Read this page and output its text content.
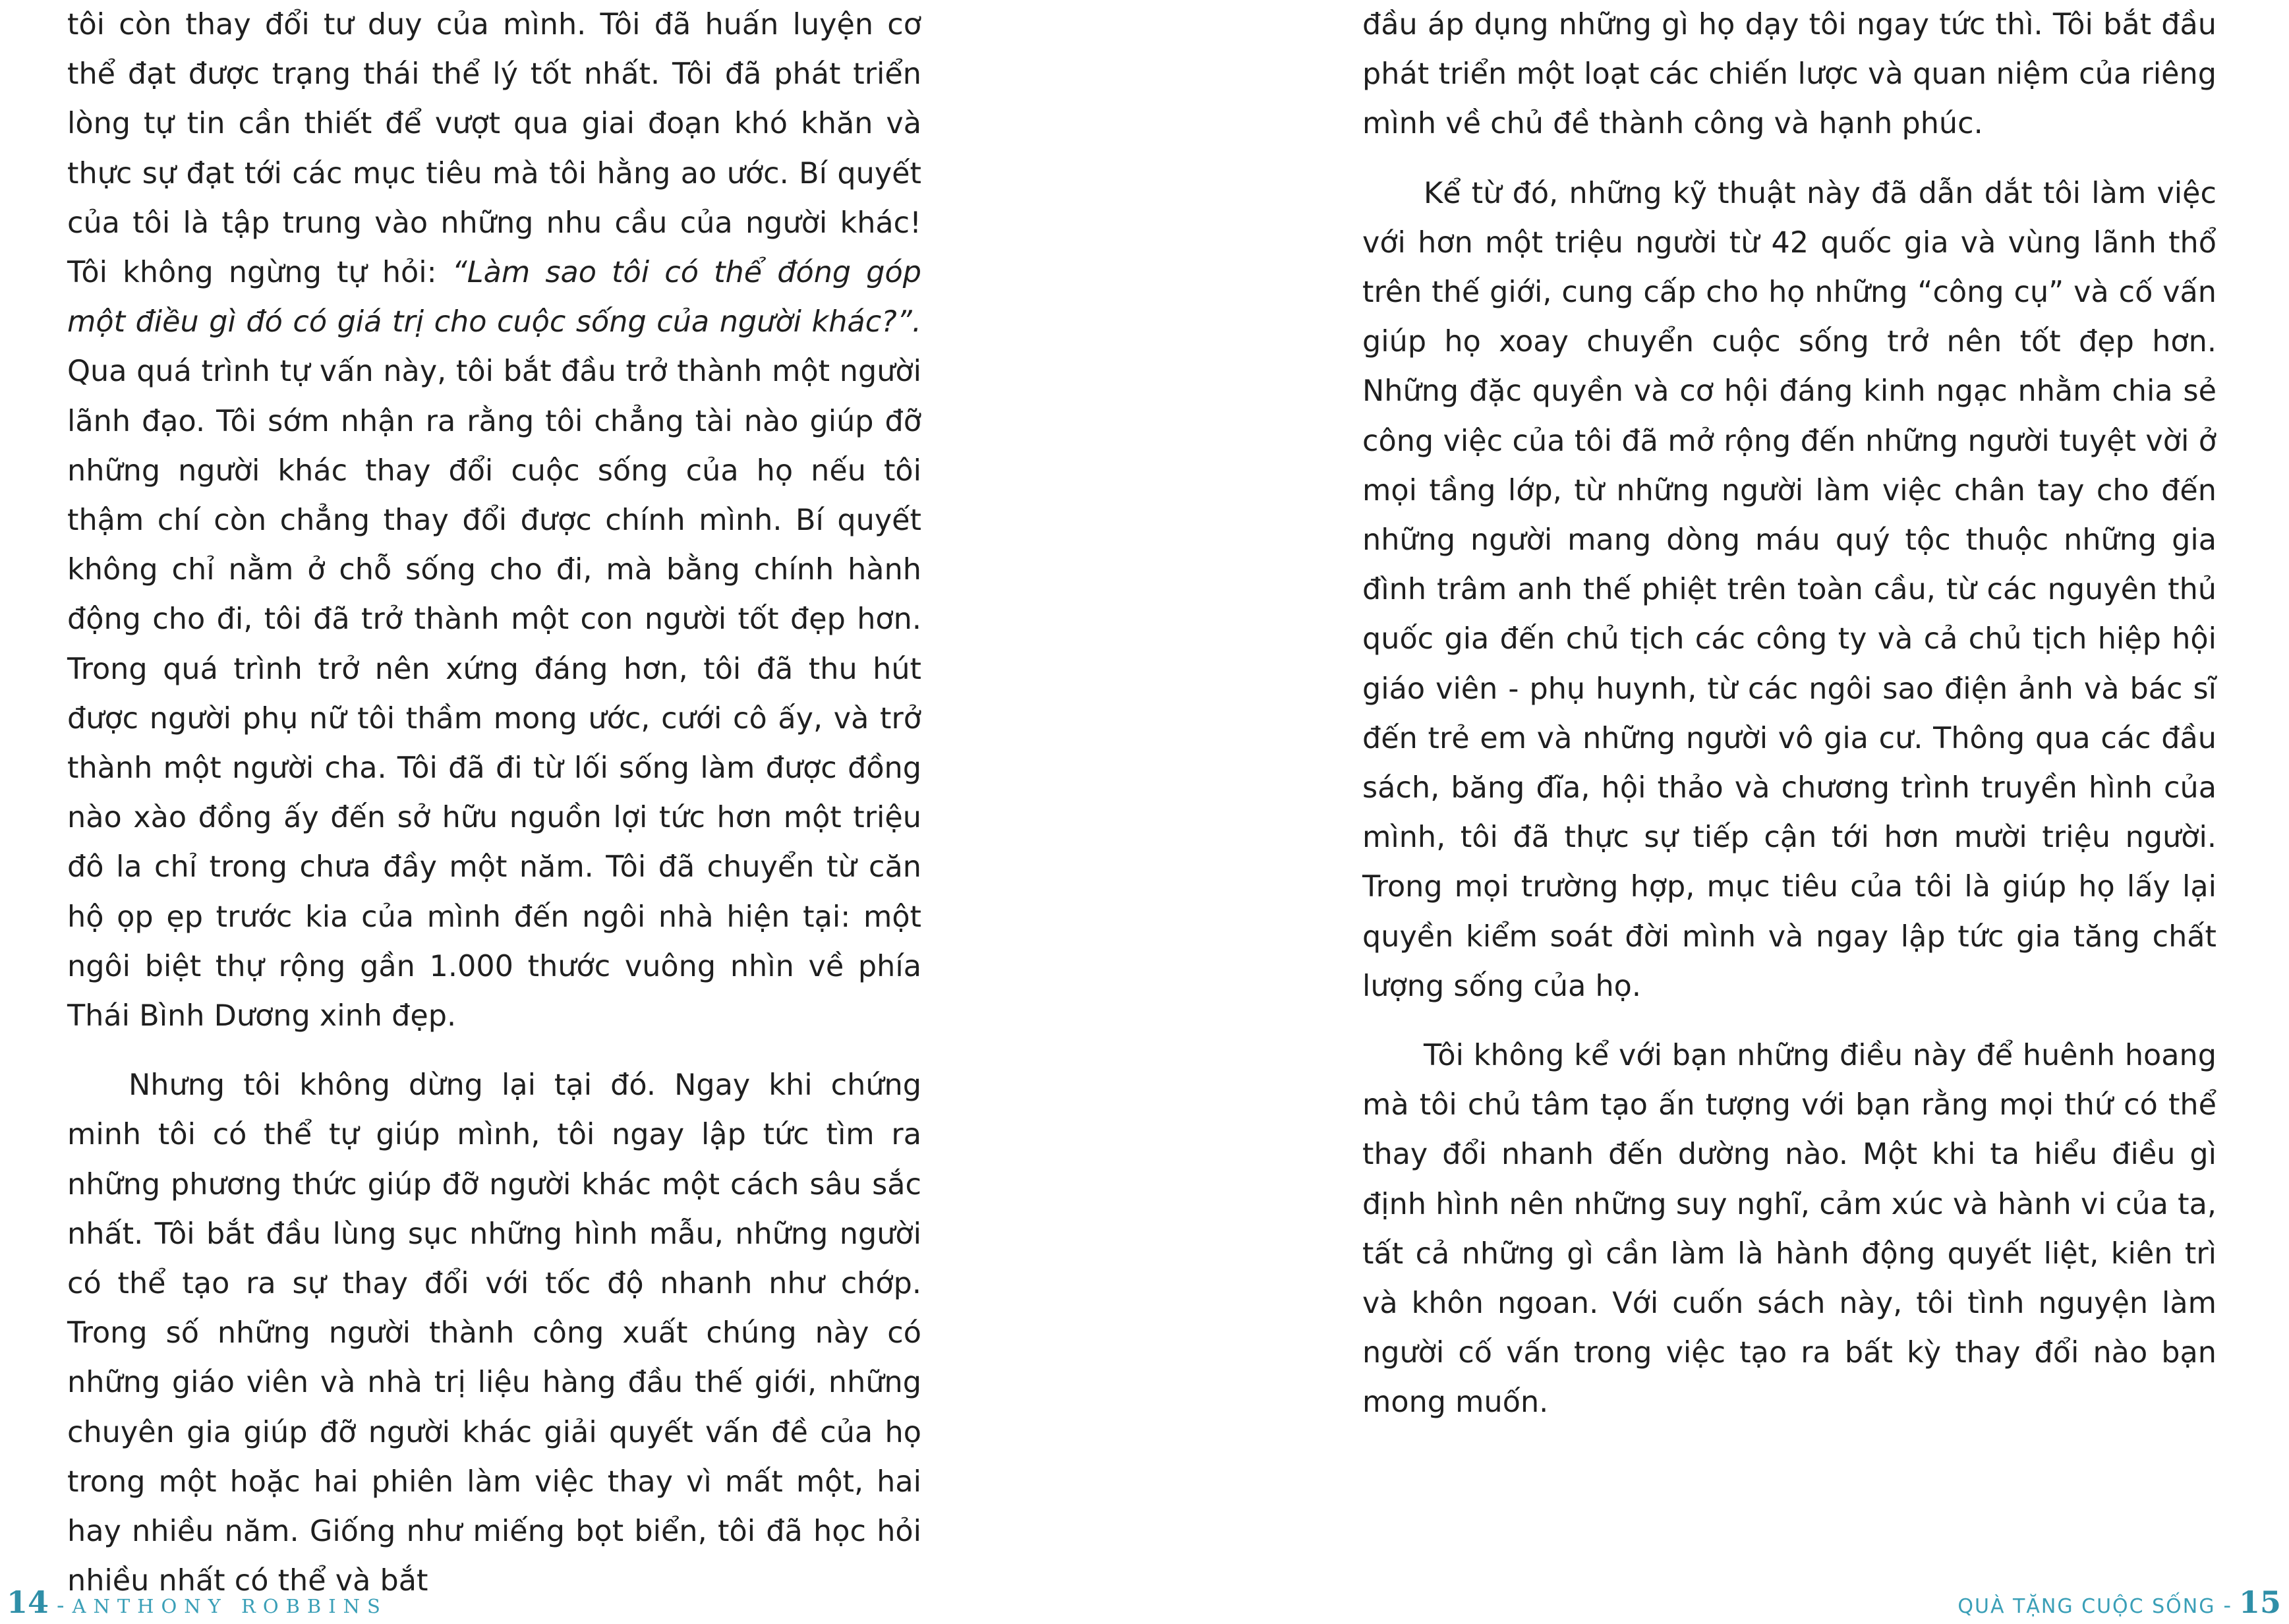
tôi còn thay đổi tư duy của mình. Tôi đã huấn luyện cơ thể đạt được trạng thái thể lý tốt nhất. Tôi đã phát triển lòng tự tin cần thiết để vượt qua giai đoạn khó khăn và thực sự đạt tới các mục tiêu mà tôi hằng ao ước. Bí quyết của tôi là tập trung vào những nhu cầu của người khác! Tôi không ngừng tự hỏi: “Làm sao tôi có thể đóng góp một điều gì đó có giá trị cho cuộc sống của người khác?”. Qua quá trình tự vấn này, tôi bắt đầu trở thành một người lãnh đạo. Tôi sớm nhận ra rằng tôi chẳng tài nào giúp đỡ những người khác thay đổi cuộc sống của họ nếu tôi thậm chí còn chẳng thay đổi được chính mình. Bí quyết không chỉ nằm ở chỗ sống cho đi, mà bằng chính hành động cho đi, tôi đã trở thành một con người tốt đẹp hơn. Trong quá trình trở nên xứng đáng hơn, tôi đã thu hút được người phụ nữ tôi thầm mong ước, cưới cô ấy, và trở thành một người cha. Tôi đã đi từ lối sống làm được đồng nào xào đồng ấy đến sở hữu nguồn lợi tức hơn một triệu đô la chỉ trong chưa đầy một năm. Tôi đã chuyển từ căn hộ ọp ẹp trước kia của mình đến ngôi nhà hiện tại: một ngôi biệt thự rộng gần 1.000 thước vuông nhìn về phía Thái Bình Dương xinh đẹp.

Nhưng tôi không dừng lại tại đó. Ngay khi chứng minh tôi có thể tự giúp mình, tôi ngay lập tức tìm ra những phương thức giúp đỡ người khác một cách sâu sắc nhất. Tôi bắt đầu lùng sục những hình mẫu, những người có thể tạo ra sự thay đổi với tốc độ nhanh như chớp. Trong số những người thành công xuất chúng này có những giáo viên và nhà trị liệu hàng đầu thế giới, những chuyên gia giúp đỡ người khác giải quyết vấn đề của họ trong một hoặc hai phiên làm việc thay vì mất một, hai hay nhiều năm. Giống như miếng bọt biển, tôi đã học hỏi nhiều nhất có thể và bắt

đầu áp dụng những gì họ dạy tôi ngay tức thì. Tôi bắt đầu phát triển một loạt các chiến lược và quan niệm của riêng mình về chủ đề thành công và hạnh phúc.

Kể từ đó, những kỹ thuật này đã dẫn dắt tôi làm việc với hơn một triệu người từ 42 quốc gia và vùng lãnh thổ trên thế giới, cung cấp cho họ những “công cụ” và cố vấn giúp họ xoay chuyển cuộc sống trở nên tốt đẹp hơn. Những đặc quyền và cơ hội đáng kinh ngạc nhằm chia sẻ công việc của tôi đã mở rộng đến những người tuyệt vời ở mọi tầng lớp, từ những người làm việc chân tay cho đến những người mang dòng máu quý tộc thuộc những gia đình trâm anh thế phiệt trên toàn cầu, từ các nguyên thủ quốc gia đến chủ tịch các công ty và cả chủ tịch hiệp hội giáo viên - phụ huynh, từ các ngôi sao điện ảnh và bác sĩ đến trẻ em và những người vô gia cư. Thông qua các đầu sách, băng đĩa, hội thảo và chương trình truyền hình của mình, tôi đã thực sự tiếp cận tới hơn mười triệu người. Trong mọi trường hợp, mục tiêu của tôi là giúp họ lấy lại quyền kiểm soát đời mình và ngay lập tức gia tăng chất lượng sống của họ.

Tôi không kể với bạn những điều này để huênh hoang mà tôi chủ tâm tạo ấn tượng với bạn rằng mọi thứ có thể thay đổi nhanh đến dường nào. Một khi ta hiểu điều gì định hình nên những suy nghĩ, cảm xúc và hành vi của ta, tất cả những gì cần làm là hành động quyết liệt, kiên trì và khôn ngoan. Với cuốn sách này, tôi tình nguyện làm người cố vấn trong việc tạo ra bất kỳ thay đổi nào bạn mong muốn.

14 - ANTHONY ROBBINS	QUÀ TẶNG CUỘC SỐNG - 15
